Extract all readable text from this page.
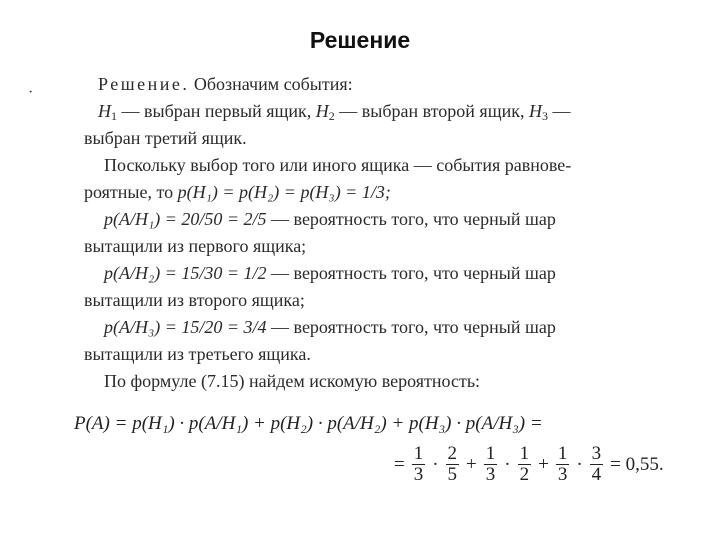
Решение
·	Решение. Обозначим события:
$H_1$ — выбран первый ящик, $H_2$ — выбран второй ящик, $H_3$ —
выбран третий ящик.
Поскольку выбор того или иного ящика — события равнове-
роятные, то p(H₁) = p(H₂) = p(H₃) = 1/3;
p(A/H₁) = 20/50 = 2/5 — вероятность того, что черный шар
вытащили из первого ящика;
p(A/H₂) = 15/30 = 1/2 — вероятность того, что черный шар
вытащили из второго ящика;
p(A/H₃) = 15/20 = 3/4 — вероятность того, что черный шар
вытащили из третьего ящика.
По формуле (7.15) найдем искомую вероятность:
P(A) = p(H₁) · p(A/H₁) + p(H₂) · p(A/H₂) + p(H₃) · p(A/H₃) =
= $\frac{1}{3} \cdot \frac{2}{5} + \frac{1}{3} \cdot \frac{1}{2} + \frac{1}{3} \cdot \frac{3}{4} = 0,55$.
